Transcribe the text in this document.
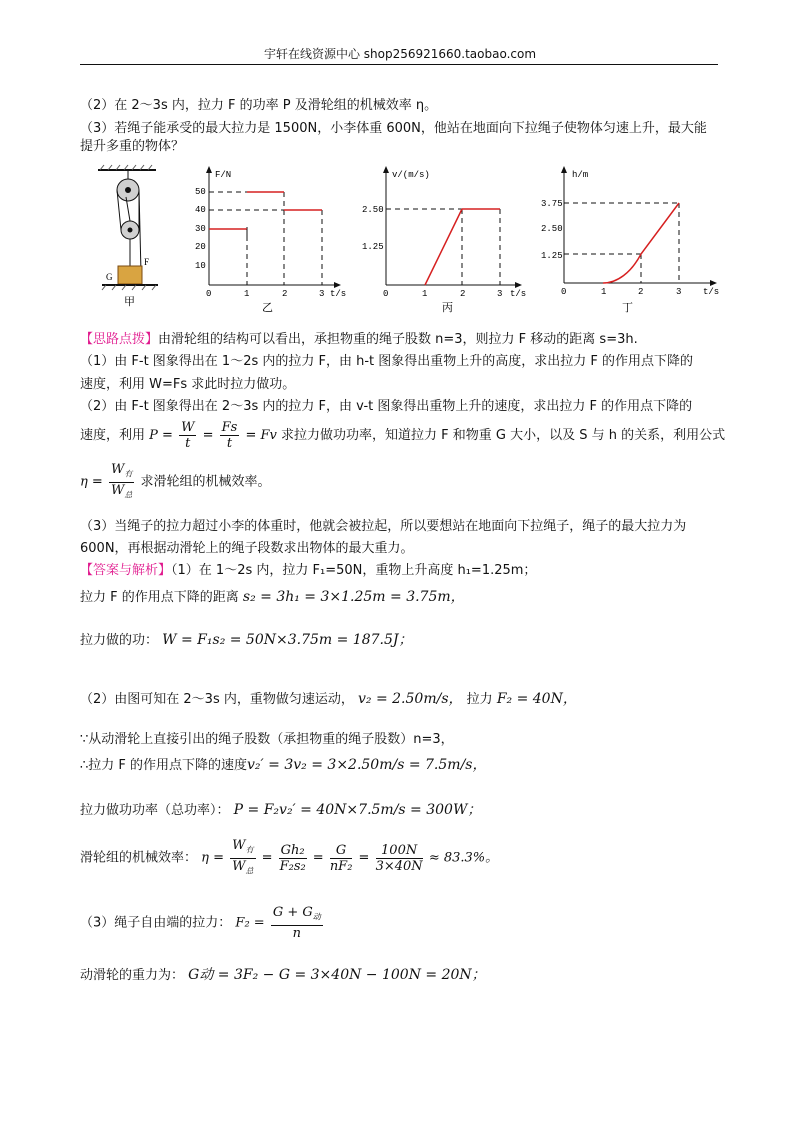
宇轩在线资源中心 shop256921660.taobao.com
（2）在 2～3s 内，拉力 F 的功率 P 及滑轮组的机械效率 η。
（3）若绳子能承受的最大拉力是 1500N，小李体重 600N，他站在地面向下拉绳子使物体匀速上升，最大能
提升多重的物体？
F
G
甲
F/N
t/s
50
40
30
20
10
0	1	2	3
乙
v/(m/s)
t/s
2.50
1.25
0	1	2	3
丙
h/m
t/s
3.75
2.50
1.25
0	1	2	3
丁
【思路点拨】由滑轮组的结构可以看出，承担物重的绳子股数 n=3，则拉力 F 移动的距离 s=3h.
（1）由 F-t 图象得出在 1～2s 内的拉力 F，由 h-t 图象得出重物上升的高度，求出拉力 F 的作用点下降的
速度，利用 W=Fs 求此时拉力做功。
（2）由 F-t 图象得出在 2～3s 内的拉力 F，由 v-t 图象得出重物上升的速度，求出拉力 F 的作用点下降的
速度，利用 $P = \frac{W}{t} = \frac{Fs}{t} = Fv$ 求拉力做功功率，知道拉力 F 和物重 G 大小，以及 S 与 h 的关系，利用公式
$\eta = \frac{W_有}{W_总}$ 求滑轮组的机械效率。
（3）当绳子的拉力超过小李的体重时，他就会被拉起，所以要想站在地面向下拉绳子，绳子的最大拉力为
600N，再根据动滑轮上的绳子段数求出物体的最大重力。
【答案与解析】（1）在 1～2s 内，拉力 F₁=50N，重物上升高度 h₁=1.25m；
拉力 F 的作用点下降的距离 s₂ = 3h₁ = 3×1.25m = 3.75m，
拉力做的功： W = F₁s₂ = 50N×3.75m = 187.5J；
（2）由图可知在 2～3s 内，重物做匀速运动， v₂ = 2.50m/s， 拉力 F₂ = 40N，
∵从动滑轮上直接引出的绳子股数（承担物重的绳子股数）n=3，
∴拉力 F 的作用点下降的速度v₂′ = 3v₂ = 3×2.50m/s = 7.5m/s，
拉力做功功率（总功率）： P = F₂v₂′ = 40N×7.5m/s = 300W；
滑轮组的机械效率： $\eta = \frac{W_有}{W_总} = \frac{\text{Gh₂}}{\text{F₂s₂}} = \frac{G}{\text{nF₂}} = \frac{100N}{3\times 40N} \approx 83.3\%$。
（3）绳子自由端的拉力： $F_2 = \frac{G + G_动}{n}$
动滑轮的重力为： G动 = 3F₂ − G = 3×40N − 100N = 20N；
